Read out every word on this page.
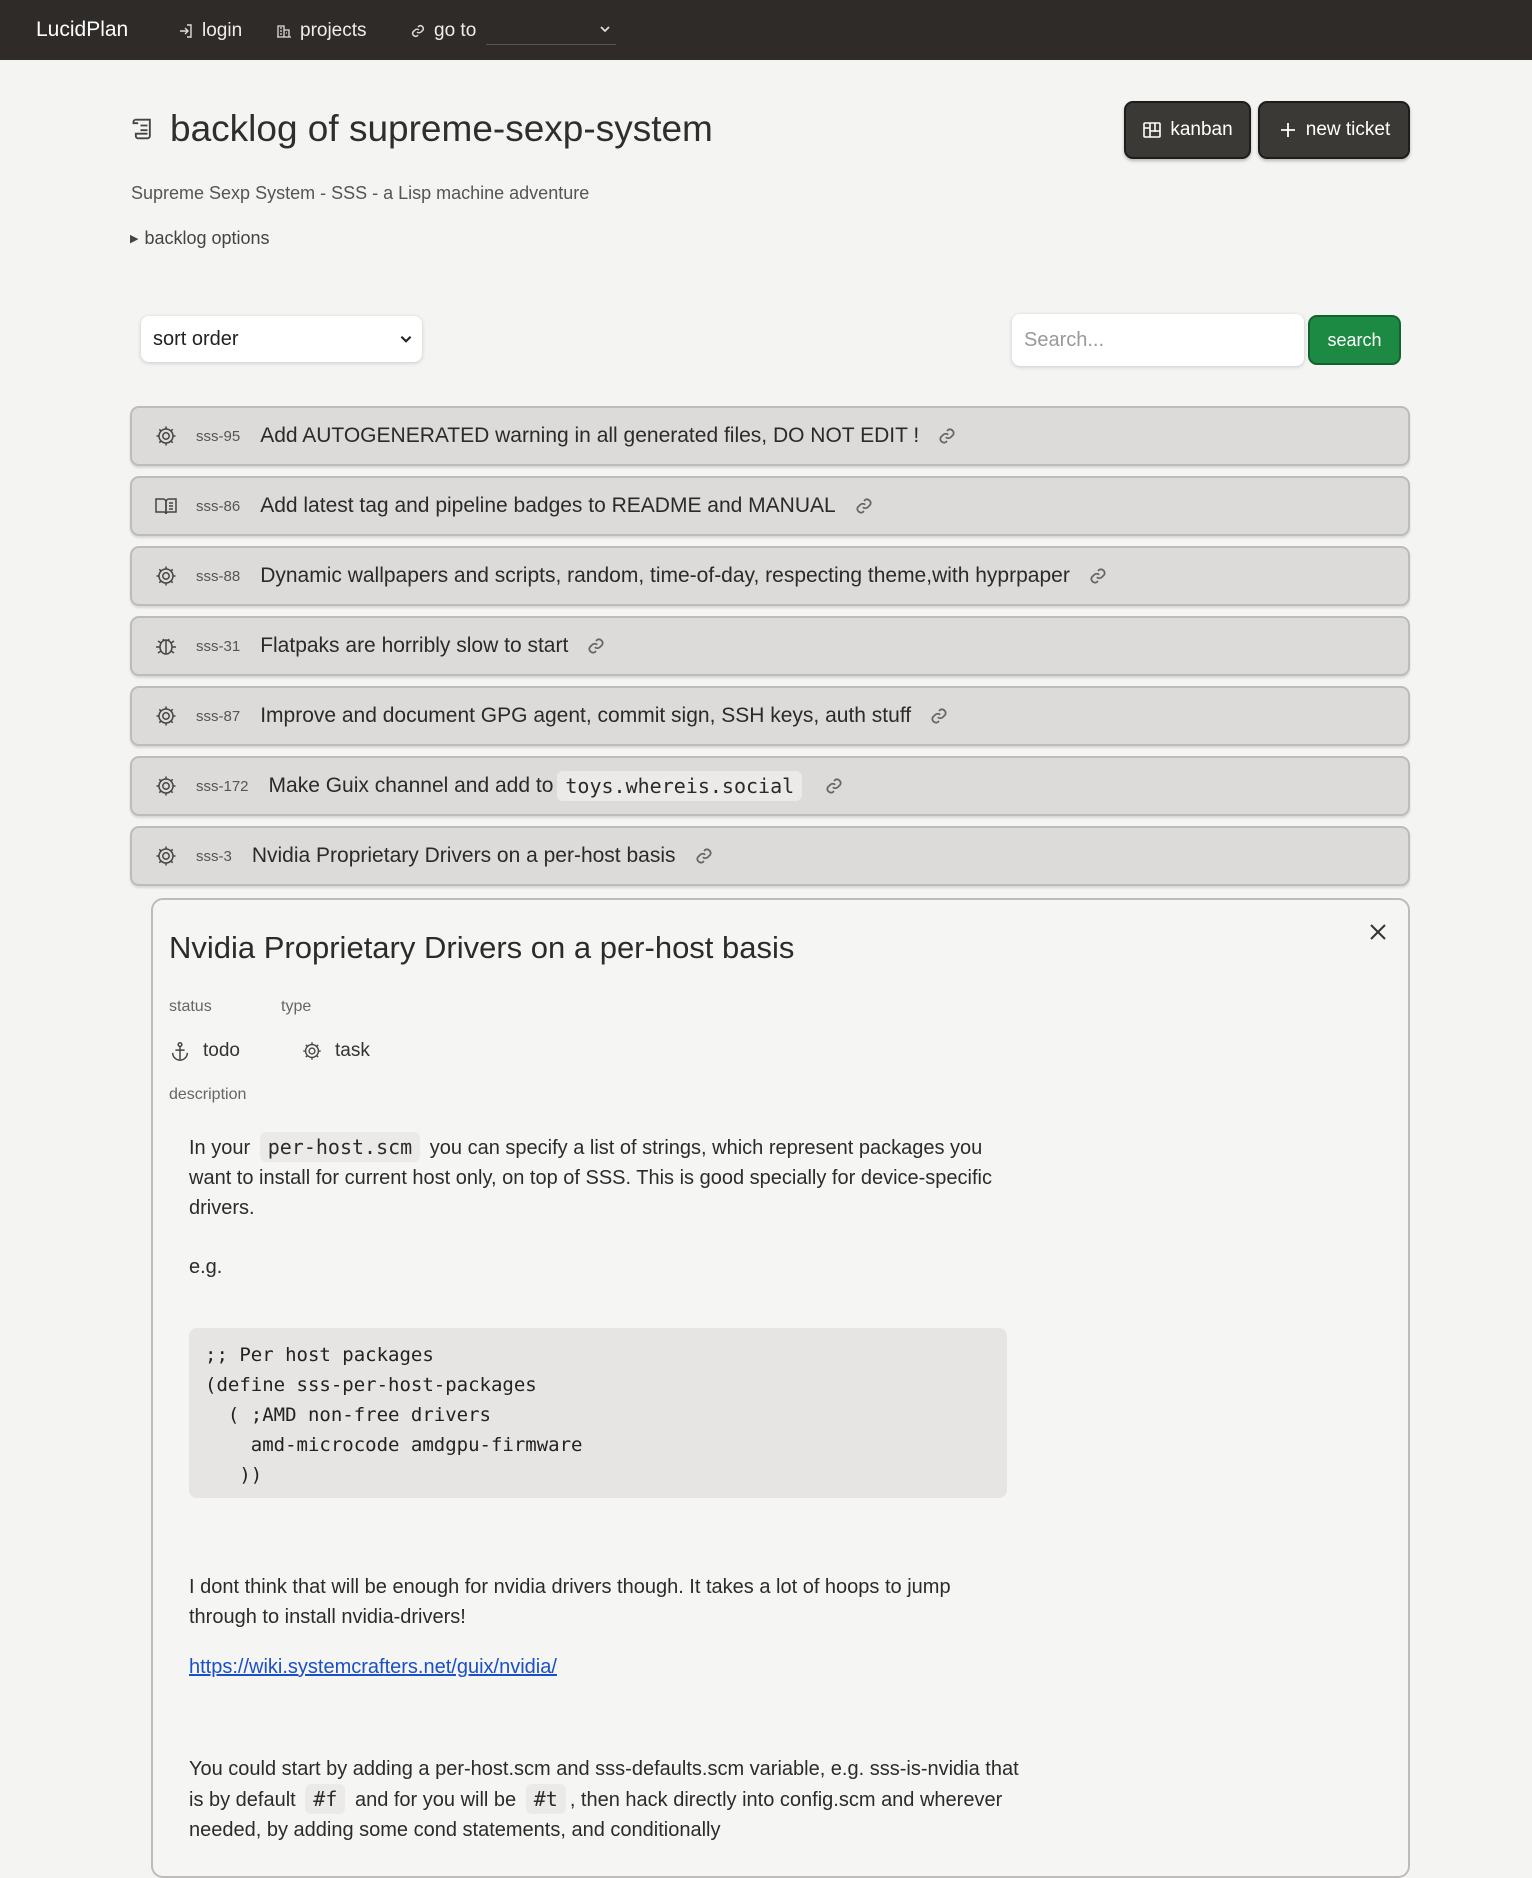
LucidPlan	login	projects	go to
backlog of supreme-sexp-system
Supreme Sexp System - SSS - a Lisp machine adventure
▶ backlog options
kanban	new ticket
sort order
Search...	search
sss-95 Add AUTOGENERATED warning in all generated files, DO NOT EDIT !
sss-86 Add latest tag and pipeline badges to README and MANUAL
sss-88 Dynamic wallpapers and scripts, random, time-of-day, respecting theme,with hyprpaper
sss-31 Flatpaks are horribly slow to start
sss-87 Improve and document GPG agent, commit sign, SSH keys, auth stuff
sss-172 Make Guix channel and add to toys.whereis.social
sss-3 Nvidia Proprietary Drivers on a per-host basis
Nvidia Proprietary Drivers on a per-host basis
status	type
todo	task
description
In your per-host.scm you can specify a list of strings, which represent packages you want to install for current host only, on top of SSS. This is good specially for device-specific drivers.
e.g.
;; Per host packages
(define sss-per-host-packages
( ;AMD non-free drivers
amd-microcode amdgpu-firmware
))
I dont think that will be enough for nvidia drivers though. It takes a lot of hoops to jump through to install nvidia-drivers!
https://wiki.systemcrafters.net/guix/nvidia/
You could start by adding a per-host.scm and sss-defaults.scm variable, e.g. sss-is-nvidia that is by default #f and for you will be #t , then hack directly into config.scm and wherever needed, by adding some cond statements, and conditionally
